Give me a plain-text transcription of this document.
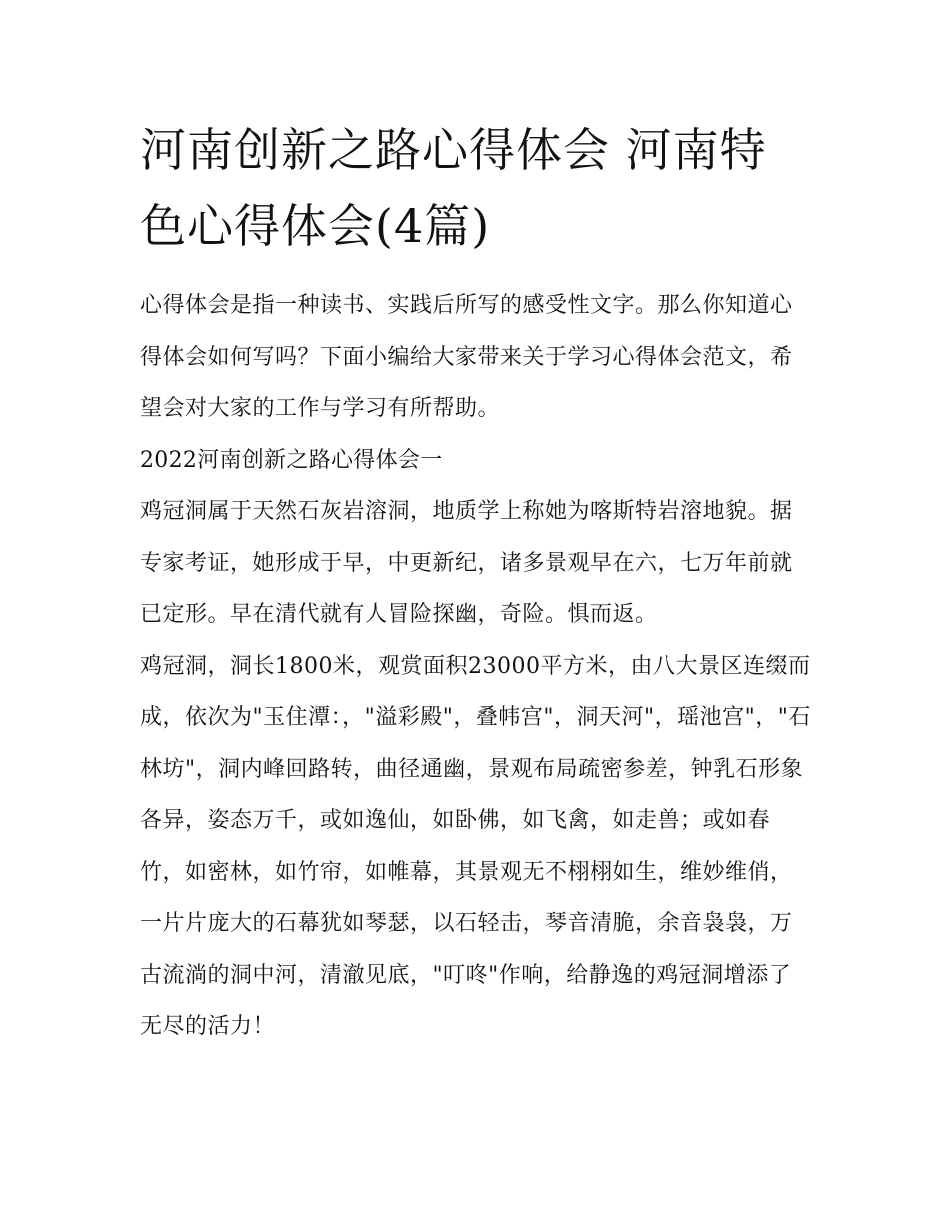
河南创新之路心得体会 河南特色心得体会(4篇)

心得体会是指一种读书、实践后所写的感受性文字。那么你知道心得体会如何写吗？下面小编给大家带来关于学习心得体会范文，希望会对大家的工作与学习有所帮助。

2022河南创新之路心得体会一

鸡冠洞属于天然石灰岩溶洞，地质学上称她为喀斯特岩溶地貌。据专家考证，她形成于早，中更新纪，诸多景观早在六，七万年前就已定形。早在清代就有人冒险探幽，奇险。惧而返。

鸡冠洞，洞长1800米，观赏面积23000平方米，由八大景区连缀而成，依次为"玉住潭：，"溢彩殿"，叠帏宫"，洞天河"，瑶池宫"，"石林坊"，洞内峰回路转，曲径通幽，景观布局疏密参差，钟乳石形象各异，姿态万千，或如逸仙，如卧佛，如飞禽，如走兽；或如春竹，如密林，如竹帘，如帷幕，其景观无不栩栩如生，维妙维俏，一片片庞大的石幕犹如琴瑟，以石轻击，琴音清脆，余音袅袅，万古流淌的洞中河，清澈见底，"叮咚"作响，给静逸的鸡冠洞增添了无尽的活力！
